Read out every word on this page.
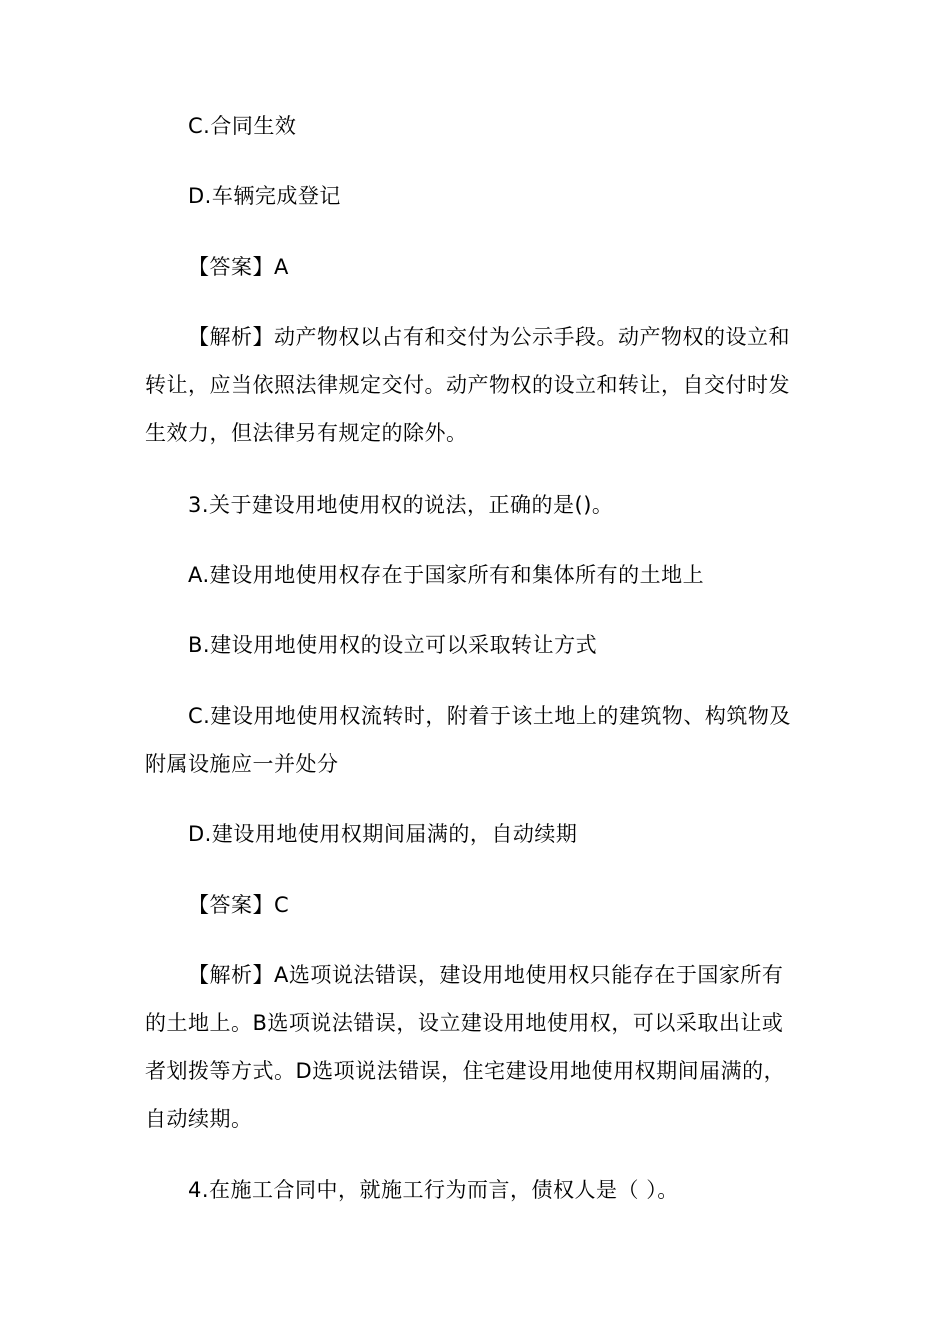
C.合同生效
D.车辆完成登记
【答案】A
【解析】动产物权以占有和交付为公示手段。动产物权的设立和
转让，应当依照法律规定交付。动产物权的设立和转让，自交付时发
生效力，但法律另有规定的除外。
3.关于建设用地使用权的说法，正确的是()。
A.建设用地使用权存在于国家所有和集体所有的土地上
B.建设用地使用权的设立可以采取转让方式
C.建设用地使用权流转时，附着于该土地上的建筑物、构筑物及
附属设施应一并处分
D.建设用地使用权期间届满的，自动续期
【答案】C
【解析】A选项说法错误，建设用地使用权只能存在于国家所有
的土地上。B选项说法错误，设立建设用地使用权，可以采取出让或
者划拨等方式。D选项说法错误，住宅建设用地使用权期间届满的，
自动续期。
4.在施工合同中，就施工行为而言，债权人是（ ）。
